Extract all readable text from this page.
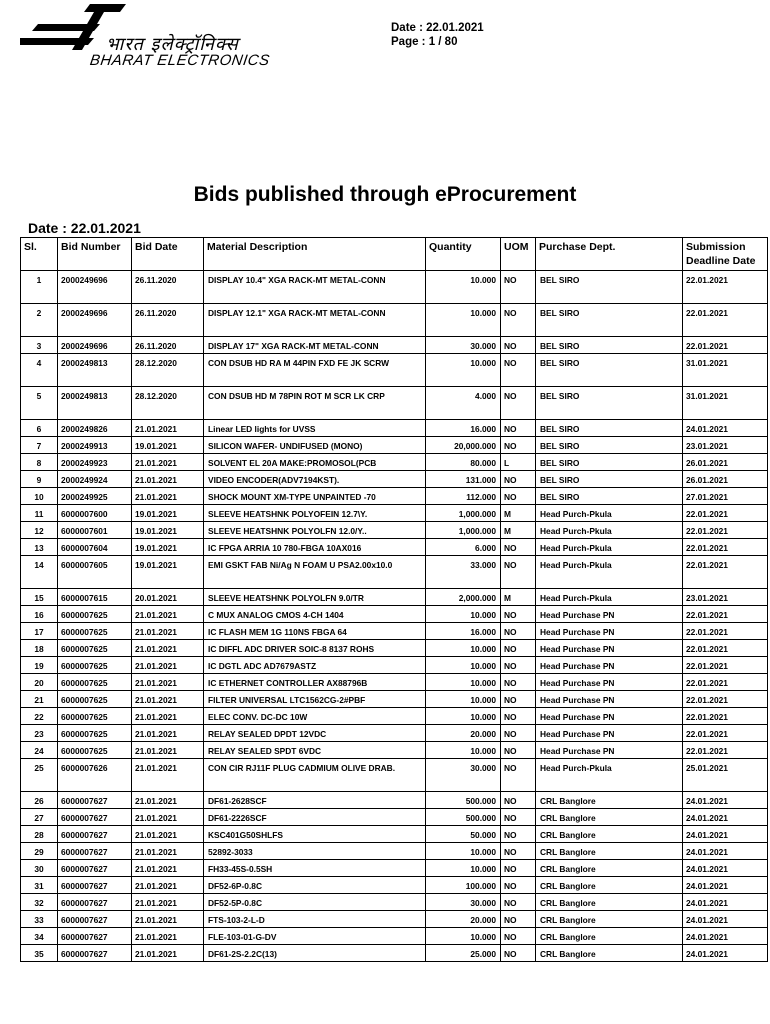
भारत इलेक्ट्रॉनिक्स
BHARAT ELECTRONICS
Date : 22.01.2021
Page : 1 / 80
Bids published through eProcurement
Date : 22.01.2021
Sl.	Bid Number	Bid Date	Material Description	Quantity	UOM	Purchase Dept.	Submission Deadline Date
1	2000249696	26.11.2020	DISPLAY 10.4" XGA RACK-MT METAL-CONN	10.000	NO	BEL SIRO	22.01.2021
2	2000249696	26.11.2020	DISPLAY 12.1" XGA RACK-MT METAL-CONN	10.000	NO	BEL SIRO	22.01.2021
3	2000249696	26.11.2020	DISPLAY 17" XGA RACK-MT METAL-CONN	30.000	NO	BEL SIRO	22.01.2021
4	2000249813	28.12.2020	CON DSUB HD RA M 44PIN FXD FE JK SCRW	10.000	NO	BEL SIRO	31.01.2021
5	2000249813	28.12.2020	CON DSUB HD M 78PIN ROT M SCR LK CRP	4.000	NO	BEL SIRO	31.01.2021
6	2000249826	21.01.2021	Linear LED lights for UVSS	16.000	NO	BEL SIRO	24.01.2021
7	2000249913	19.01.2021	SILICON WAFER- UNDIFUSED (MONO)	20,000.000	NO	BEL SIRO	23.01.2021
8	2000249923	21.01.2021	SOLVENT EL 20A MAKE:PROMOSOL(PCB	80.000	L	BEL SIRO	26.01.2021
9	2000249924	21.01.2021	VIDEO ENCODER(ADV7194KST).	131.000	NO	BEL SIRO	26.01.2021
10	2000249925	21.01.2021	SHOCK MOUNT XM-TYPE UNPAINTED -70	112.000	NO	BEL SIRO	27.01.2021
11	6000007600	19.01.2021	SLEEVE HEATSHNK POLYOFEIN 12.7\Y.	1,000.000	M	Head Purch-Pkula	22.01.2021
12	6000007601	19.01.2021	SLEEVE HEATSHNK POLYOLFN 12.0/Y..	1,000.000	M	Head Purch-Pkula	22.01.2021
13	6000007604	19.01.2021	IC FPGA ARRIA 10 780-FBGA 10AX016	6.000	NO	Head Purch-Pkula	22.01.2021
14	6000007605	19.01.2021	EMI GSKT FAB Ni/Ag N FOAM U PSA2.00x10.0	33.000	NO	Head Purch-Pkula	22.01.2021
15	6000007615	20.01.2021	SLEEVE HEATSHNK POLYOLFN 9.0/TR	2,000.000	M	Head Purch-Pkula	23.01.2021
16	6000007625	21.01.2021	C MUX ANALOG CMOS 4-CH 1404	10.000	NO	Head Purchase PN	22.01.2021
17	6000007625	21.01.2021	IC FLASH MEM 1G 110NS FBGA 64	16.000	NO	Head Purchase PN	22.01.2021
18	6000007625	21.01.2021	IC DIFFL ADC DRIVER SOIC-8 8137 ROHS	10.000	NO	Head Purchase PN	22.01.2021
19	6000007625	21.01.2021	IC DGTL ADC AD7679ASTZ	10.000	NO	Head Purchase PN	22.01.2021
20	6000007625	21.01.2021	IC ETHERNET CONTROLLER AX88796B	10.000	NO	Head Purchase PN	22.01.2021
21	6000007625	21.01.2021	FILTER UNIVERSAL LTC1562CG-2#PBF	10.000	NO	Head Purchase PN	22.01.2021
22	6000007625	21.01.2021	ELEC CONV. DC-DC 10W	10.000	NO	Head Purchase PN	22.01.2021
23	6000007625	21.01.2021	RELAY SEALED DPDT 12VDC	20.000	NO	Head Purchase PN	22.01.2021
24	6000007625	21.01.2021	RELAY SEALED SPDT 6VDC	10.000	NO	Head Purchase PN	22.01.2021
25	6000007626	21.01.2021	CON CIR RJ11F PLUG CADMIUM OLIVE DRAB.	30.000	NO	Head Purch-Pkula	25.01.2021
26	6000007627	21.01.2021	DF61-2628SCF	500.000	NO	CRL Banglore	24.01.2021
27	6000007627	21.01.2021	DF61-2226SCF	500.000	NO	CRL Banglore	24.01.2021
28	6000007627	21.01.2021	KSC401G50SHLFS	50.000	NO	CRL Banglore	24.01.2021
29	6000007627	21.01.2021	52892-3033	10.000	NO	CRL Banglore	24.01.2021
30	6000007627	21.01.2021	FH33-45S-0.5SH	10.000	NO	CRL Banglore	24.01.2021
31	6000007627	21.01.2021	DF52-6P-0.8C	100.000	NO	CRL Banglore	24.01.2021
32	6000007627	21.01.2021	DF52-5P-0.8C	30.000	NO	CRL Banglore	24.01.2021
33	6000007627	21.01.2021	FTS-103-2-L-D	20.000	NO	CRL Banglore	24.01.2021
34	6000007627	21.01.2021	FLE-103-01-G-DV	10.000	NO	CRL Banglore	24.01.2021
35	6000007627	21.01.2021	DF61-2S-2.2C(13)	25.000	NO	CRL Banglore	24.01.2021
